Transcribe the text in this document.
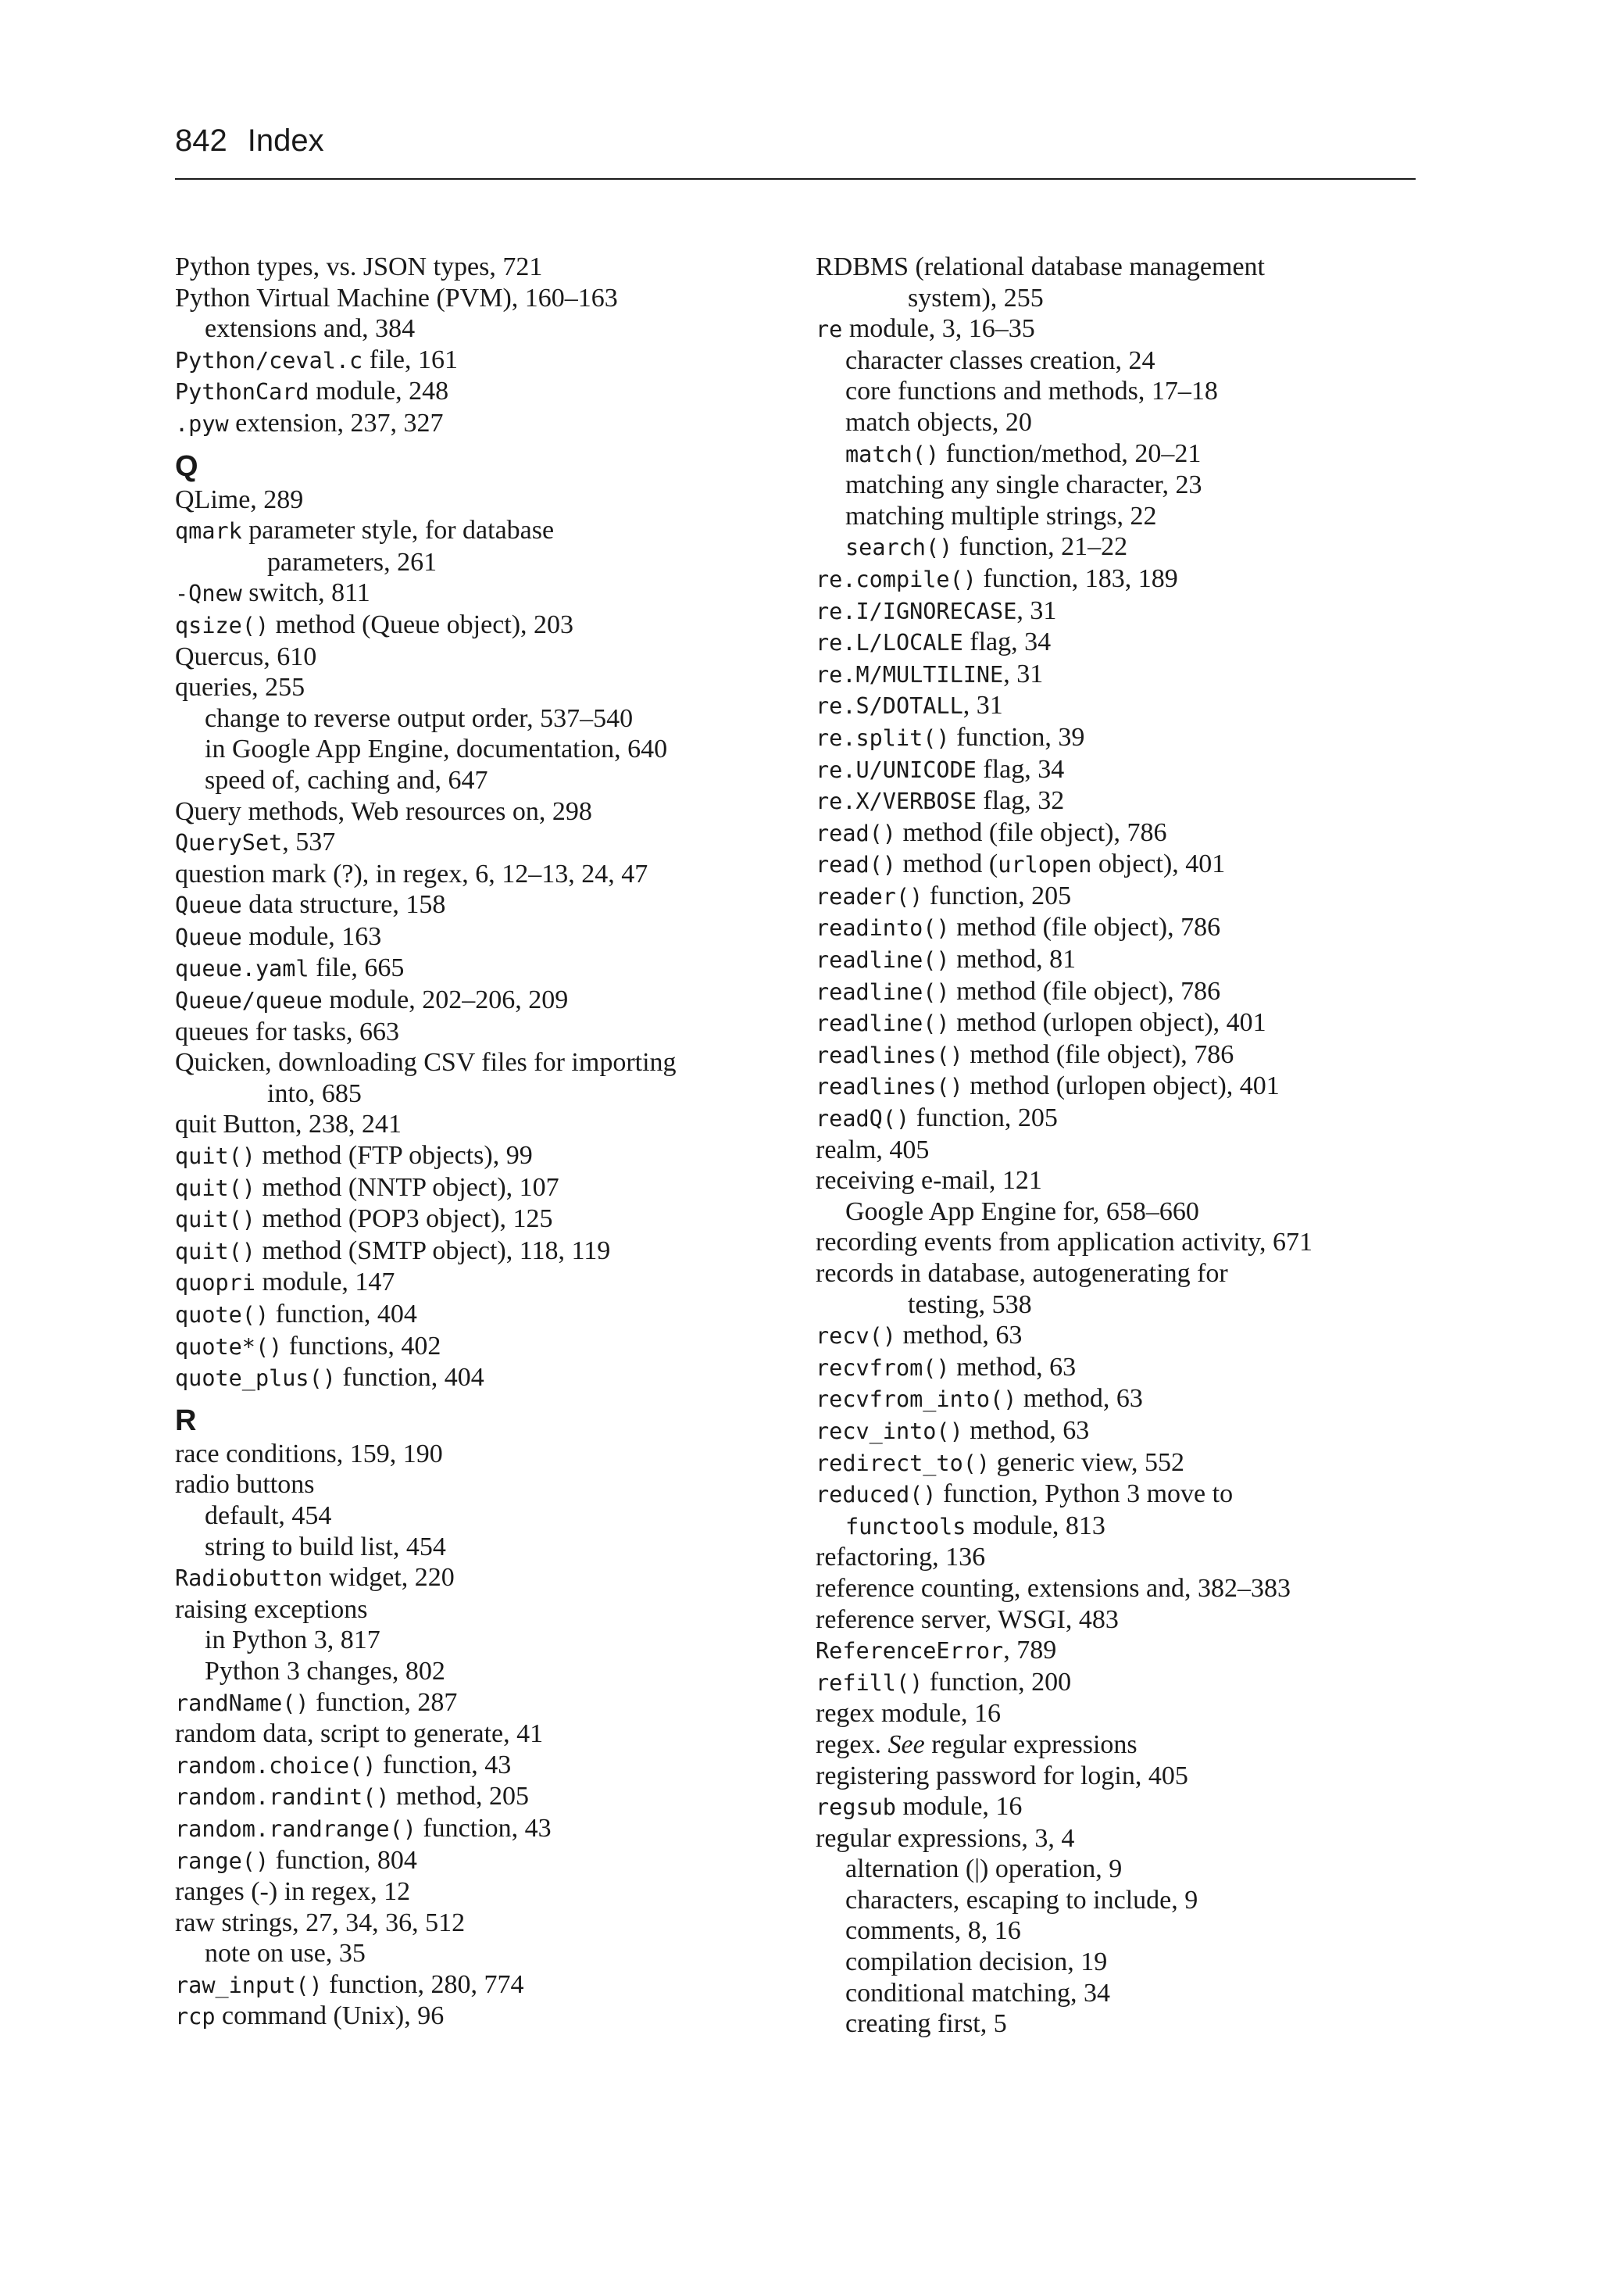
842 Index
Python types, vs. JSON types, 721
Python Virtual Machine (PVM), 160–163
extensions and, 384
Python/ceval.c file, 161
PythonCard module, 248
.pyw extension, 237, 327
Q
QLime, 289
qmark parameter style, for database
parameters, 261
-Qnew switch, 811
qsize() method (Queue object), 203
Quercus, 610
queries, 255
change to reverse output order, 537–540
in Google App Engine, documentation, 640
speed of, caching and, 647
Query methods, Web resources on, 298
QuerySet, 537
question mark (?), in regex, 6, 12–13, 24, 47
Queue data structure, 158
Queue module, 163
queue.yaml file, 665
Queue/queue module, 202–206, 209
queues for tasks, 663
Quicken, downloading CSV files for importing
into, 685
quit Button, 238, 241
quit() method (FTP objects), 99
quit() method (NNTP object), 107
quit() method (POP3 object), 125
quit() method (SMTP object), 118, 119
quopri module, 147
quote() function, 404
quote*() functions, 402
quote_plus() function, 404
R
race conditions, 159, 190
radio buttons
default, 454
string to build list, 454
Radiobutton widget, 220
raising exceptions
in Python 3, 817
Python 3 changes, 802
randName() function, 287
random data, script to generate, 41
random.choice() function, 43
random.randint() method, 205
random.randrange() function, 43
range() function, 804
ranges (-) in regex, 12
raw strings, 27, 34, 36, 512
note on use, 35
raw_input() function, 280, 774
rcp command (Unix), 96
RDBMS (relational database management
system), 255
re module, 3, 16–35
character classes creation, 24
core functions and methods, 17–18
match objects, 20
match() function/method, 20–21
matching any single character, 23
matching multiple strings, 22
search() function, 21–22
re.compile() function, 183, 189
re.I/IGNORECASE, 31
re.L/LOCALE flag, 34
re.M/MULTILINE, 31
re.S/DOTALL, 31
re.split() function, 39
re.U/UNICODE flag, 34
re.X/VERBOSE flag, 32
read() method (file object), 786
read() method (urlopen object), 401
reader() function, 205
readinto() method (file object), 786
readline() method, 81
readline() method (file object), 786
readline() method (urlopen object), 401
readlines() method (file object), 786
readlines() method (urlopen object), 401
readQ() function, 205
realm, 405
receiving e-mail, 121
Google App Engine for, 658–660
recording events from application activity, 671
records in database, autogenerating for
testing, 538
recv() method, 63
recvfrom() method, 63
recvfrom_into() method, 63
recv_into() method, 63
redirect_to() generic view, 552
reduced() function, Python 3 move to
functools module, 813
refactoring, 136
reference counting, extensions and, 382–383
reference server, WSGI, 483
ReferenceError, 789
refill() function, 200
regex module, 16
regex. See regular expressions
registering password for login, 405
regsub module, 16
regular expressions, 3, 4
alternation (|) operation, 9
characters, escaping to include, 9
comments, 8, 16
compilation decision, 19
conditional matching, 34
creating first, 5
